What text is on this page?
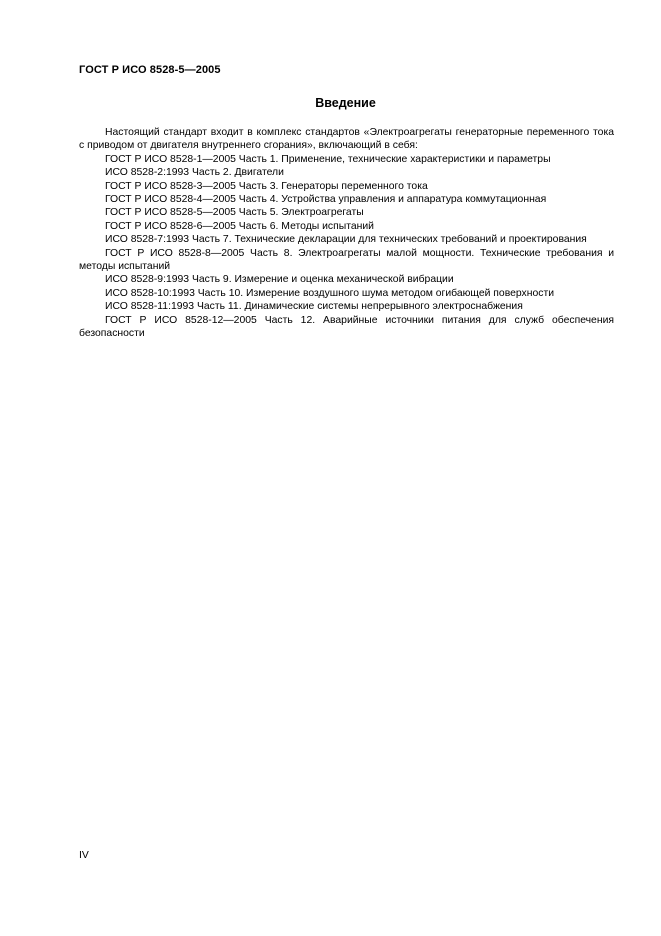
ГОСТ Р ИСО 8528-5—2005
Введение

Настоящий стандарт входит в комплекс стандартов «Электроагрегаты генераторные переменного тока с приводом от двигателя внутреннего сгорания», включающий в себя:

ГОСТ Р ИСО 8528-1—2005 Часть 1. Применение, технические характеристики и параметры

ИСО 8528-2:1993 Часть 2. Двигатели

ГОСТ Р ИСО 8528-3—2005 Часть 3. Генераторы переменного тока

ГОСТ Р ИСО 8528-4—2005 Часть 4. Устройства управления и аппаратура коммутационная

ГОСТ Р ИСО 8528-5—2005 Часть 5. Электроагрегаты

ГОСТ Р ИСО 8528-6—2005 Часть 6. Методы испытаний

ИСО 8528-7:1993 Часть 7. Технические декларации для технических требований и проектирования

ГОСТ Р ИСО 8528-8—2005 Часть 8. Электроагрегаты малой мощности. Технические требования и методы испытаний

ИСО 8528-9:1993 Часть 9. Измерение и оценка механической вибрации

ИСО 8528-10:1993 Часть 10. Измерение воздушного шума методом огибающей поверхности

ИСО 8528-11:1993 Часть 11. Динамические системы непрерывного электроснабжения

ГОСТ Р ИСО 8528-12—2005 Часть 12. Аварийные источники питания для служб обеспечения безопасности

IV
